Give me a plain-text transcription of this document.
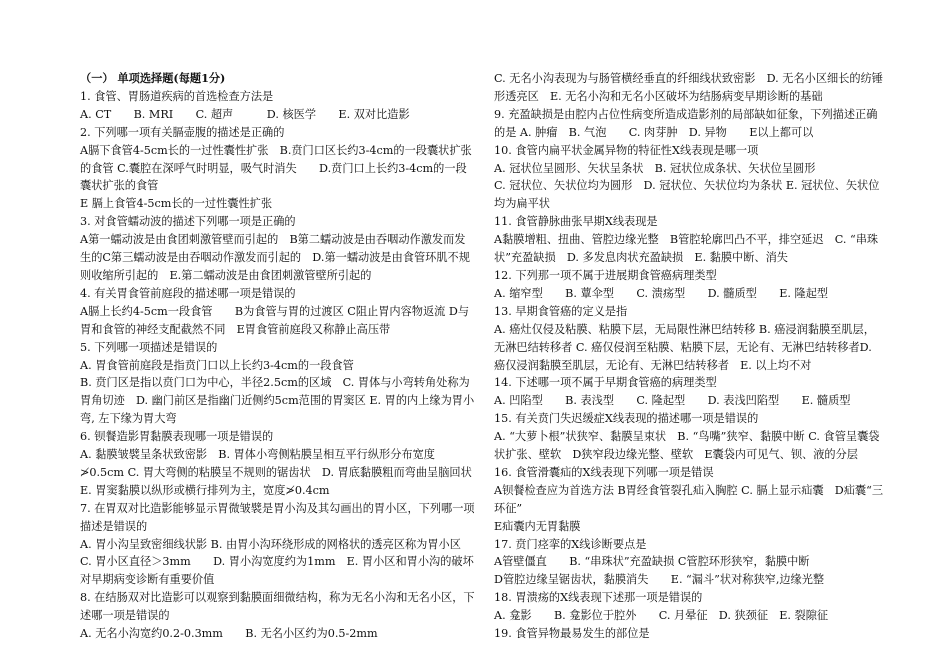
（一） 单项选择题(每题1分)
1. 食管、胃肠道疾病的首选检查方法是
A. CT　　B. MRI　　C. 超声　　　D. 核医学　　E. 双对比造影
2. 下列哪一项有关膈壶腹的描述是正确的
A膈下食管4-5cm长的一过性囊性扩张　B.贲门口区长约3-4cm的一段囊状扩张的食管 C.囊腔在深呼气时明显，吸气时消失　　D.贲门口上长约3-4cm的一段囊状扩张的食管
E 膈上食管4-5cm长的一过性囊性扩张
3. 对食管蠕动波的描述下列哪一项是正确的
A第一蠕动波是由食团刺激管壁而引起的　B第二蠕动波是由吞咽动作激发而发生的C第三蠕动波是由吞咽动作激发而引起的　D.第一蠕动波是由食管环肌不规则收缩所引起的　E.第二蠕动波是由食团刺激管壁所引起的
4. 有关胃食管前庭段的描述哪一项是错误的
A膈上长约4-5cm一段食管　　B为食管与胃的过渡区 C阻止胃内容物返流 D与胃和食管的神经支配截然不同　E胃食管前庭段又称静止高压带
5. 下列哪一项描述是错误的
A. 胃食管前庭段是指贲门口以上长约3-4cm的一段食管
B. 贲门区是指以贲门口为中心，半径2.5cm的区域　C. 胃体与小弯转角处称为胃角切迹　D. 幽门前区是指幽门近侧约5cm范围的胃窦区 E. 胃的内上缘为胃小弯, 左下缘为胃大弯
6. 钡餐造影胃黏膜表现哪一项是错误的
A. 黏膜皱襞呈条状致密影　B. 胃体小弯侧粘膜呈相互平行纵形分布宽度≯0.5cm C. 胃大弯侧的粘膜呈不规则的锯齿状　D. 胃底黏膜粗而弯曲呈脑回状
E. 胃窦黏膜以纵形或横行排列为主，宽度≯0.4cm
7. 在胃双对比造影能够显示胃微皱襞是胃小沟及其勾画出的胃小区，下列哪一项描述是错误的
A. 胃小沟呈致密细线状影 B. 由胃小沟环绕形成的网格状的透亮区称为胃小区　C. 胃小区直径＞3mm　　D. 胃小沟宽度约为1mm　E. 胃小区和胃小沟的破坏对早期病变诊断有重要价值
8. 在结肠双对比造影可以观察到黏膜面细微结构，称为无名小沟和无名小区，下述哪一项是错误的
A. 无名小沟宽约0.2-0.3mm　　B. 无名小区约为0.5-2mm
C. 无名小沟表现为与肠管横经垂直的纤细线状致密影　D. 无名小区细长的纺锤形透亮区　E. 无名小沟和无名小区破坏为结肠病变早期诊断的基础
9. 充盈缺损是由腔内占位性病变所造成造影剂的局部缺如征象，下列描述正确的是 A. 肿瘤　B. 气泡　　C. 肉芽肿　D. 异物　　E以上都可以
10. 食管内扁平状金属异物的特征性X线表现是哪一项
A. 冠状位呈圆形、矢状呈条状　B. 冠状位成条状、矢状位呈圆形
C. 冠状位、矢状位均为圆形　D. 冠状位、矢状位均为条状 E. 冠状位、矢状位均为扁平状
11. 食管静脉曲张早期X线表现是
A黏膜增粗、扭曲、管腔边缘光整　B管腔轮廓凹凸不平，排空延迟　C. “串珠状”充盈缺损　D. 多发息肉状充盈缺损　E. 黏膜中断、消失
12. 下列那一项不属于进展期食管癌病理类型
A. 缩窄型　　B. 蕈伞型　　C. 溃疡型　　D. 髓质型　　E. 隆起型
13. 早期食管癌的定义是指
A. 癌灶仅侵及粘膜、粘膜下层，无局限性淋巴结转移 B. 癌浸润黏膜至肌层，无淋巴结转移者 C. 癌仅侵润至粘膜、粘膜下层，无论有、无淋巴结转移者D. 癌仅浸润黏膜至肌层，无论有、无淋巴结转移者　E. 以上均不对
14. 下述哪一项不属于早期食管癌的病理类型
A. 凹陷型　　B. 表浅型　　C. 隆起型　　D. 表浅凹陷型　　E. 髓质型
15. 有关贲门失迟缓症X线表现的描述哪一项是错误的
A. “大萝卜根”状狭窄、黏膜呈束状　B. “鸟嘴”狭窄、黏膜中断 C. 食管呈囊袋状扩张、壁软　D狭窄段边缘光整、壁软　E囊袋内可见气、钡、液的分层
16. 食管滑囊疝的X线表现下列哪一项是错误
A钡餐检查应为首选方法 B胃经食管裂孔疝入胸腔 C. 膈上显示疝囊　D疝囊“三环征”
E疝囊内无胃黏膜
17. 贲门痉挛的X线诊断要点是
A管壁僵直　　B. “串珠状”充盈缺损 C管腔环形狭窄，黏膜中断
D管腔边缘呈锯齿状，黏膜消失　　E. “漏斗”状对称狭窄,边缘光整
18. 胃溃疡的X线表现下述那一项是错误的
A. 龛影　　B. 龛影位于腔外　　C. 月晕征　D. 狭颈征　E. 裂隙征
19. 食管异物最易发生的部位是
